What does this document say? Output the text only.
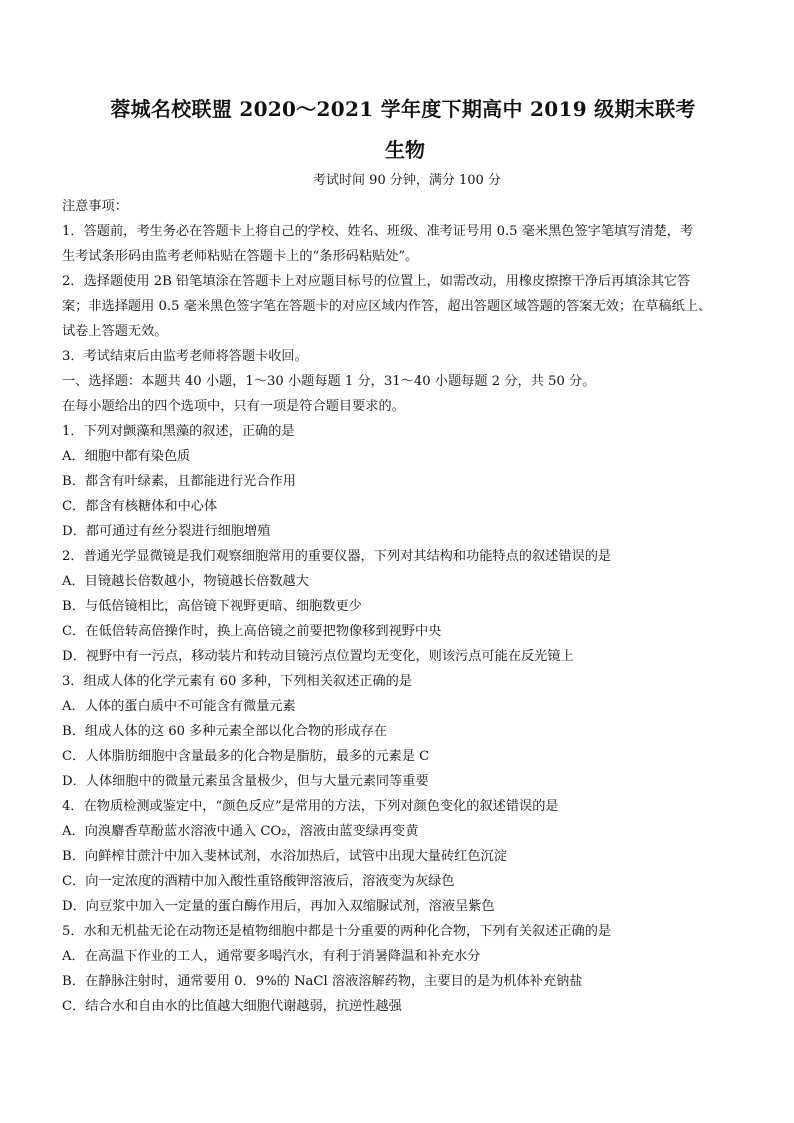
蓉城名校联盟 2020～2021 学年度下期高中 2019 级期末联考
生物
考试时间 90 分钟，满分 100 分
注意事项：
1．答题前，考生务必在答题卡上将自己的学校、姓名、班级、准考证号用 0.5 毫米黑色签字笔填写清楚，考
生考试条形码由监考老师粘贴在答题卡上的“条形码粘贴处”。
2．选择题使用 2B 铅笔填涂在答题卡上对应题目标号的位置上，如需改动，用橡皮擦擦干净后再填涂其它答
案；非选择题用 0.5 毫米黑色签字笔在答题卡的对应区域内作答，超出答题区域答题的答案无效；在草稿纸上、
试卷上答题无效。
3．考试结束后由监考老师将答题卡收回。
一、选择题：本题共 40 小题，1～30 小题每题 1 分，31～40 小题每题 2 分，共 50 分。
在每小题给出的四个选项中，只有一项是符合题目要求的。
1．下列对颤藻和黑藻的叙述，正确的是
A．细胞中都有染色质
B．都含有叶绿素，且都能进行光合作用
C．都含有核糖体和中心体
D．都可通过有丝分裂进行细胞增殖
2．普通光学显微镜是我们观察细胞常用的重要仪器，下列对其结构和功能特点的叙述错误的是
A．目镜越长倍数越小，物镜越长倍数越大
B．与低倍镜相比，高倍镜下视野更暗、细胞数更少
C．在低倍转高倍操作时，换上高倍镜之前要把物像移到视野中央
D．视野中有一污点，移动装片和转动目镜污点位置均无变化，则该污点可能在反光镜上
3．组成人体的化学元素有 60 多种，下列相关叙述正确的是
A．人体的蛋白质中不可能含有微量元素
B．组成人体的这 60 多种元素全部以化合物的形成存在
C．人体脂肪细胞中含量最多的化合物是脂肪，最多的元素是 C
D．人体细胞中的微量元素虽含量极少，但与大量元素同等重要
4．在物质检测或鉴定中，“颜色反应”是常用的方法，下列对颜色变化的叙述错误的是
A．向溴麝香草酚蓝水溶液中通入 CO₂，溶液由蓝变绿再变黄
B．向鲜榨甘蔗汁中加入斐林试剂，水浴加热后，试管中出现大量砖红色沉淀
C．向一定浓度的酒精中加入酸性重铬酸钾溶液后，溶液变为灰绿色
D．向豆浆中加入一定量的蛋白酶作用后，再加入双缩脲试剂，溶液呈紫色
5．水和无机盐无论在动物还是植物细胞中都是十分重要的两种化合物，下列有关叙述正确的是
A．在高温下作业的工人，通常要多喝汽水，有利于消暑降温和补充水分
B．在静脉注射时，通常要用 0．9%的 NaCl 溶液溶解药物，主要目的是为机体补充钠盐
C．结合水和自由水的比值越大细胞代谢越弱，抗逆性越强
